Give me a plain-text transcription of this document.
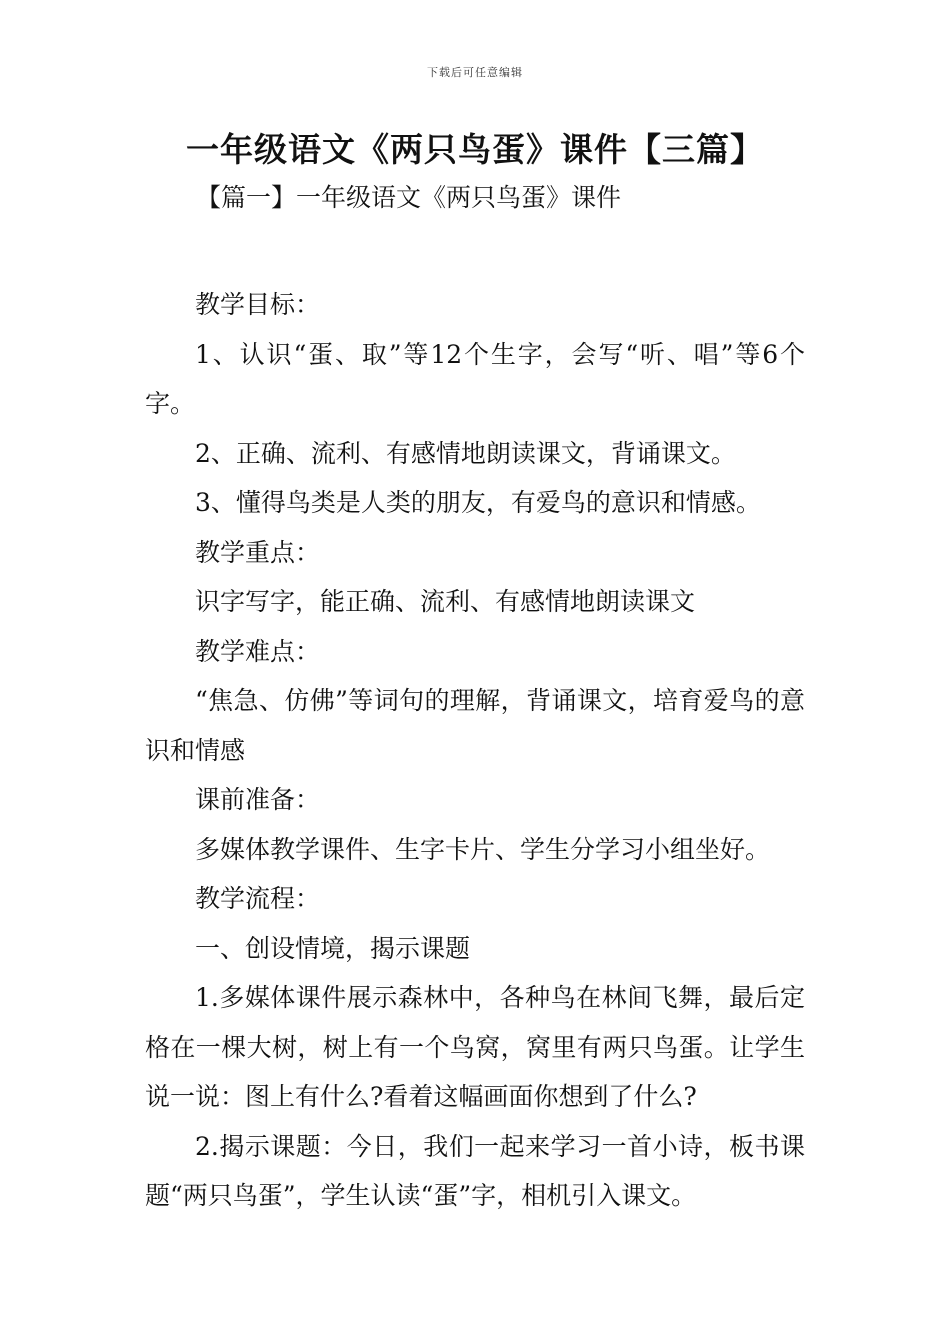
下载后可任意编辑
一年级语文《两只鸟蛋》课件【三篇】
【篇一】一年级语文《两只鸟蛋》课件

教学目标：

1、认识“蛋、取”等12个生字，会写“听、唱”等6个字。

2、正确、流利、有感情地朗读课文，背诵课文。

3、懂得鸟类是人类的朋友，有爱鸟的意识和情感。

教学重点：

识字写字，能正确、流利、有感情地朗读课文

教学难点：

“焦急、仿佛”等词句的理解，背诵课文，培育爱鸟的意识和情感

课前准备：

多媒体教学课件、生字卡片、学生分学习小组坐好。

教学流程：

一、创设情境，揭示课题

1.多媒体课件展示森林中，各种鸟在林间飞舞，最后定格在一棵大树，树上有一个鸟窝，窝里有两只鸟蛋。让学生说一说：图上有什么?看着这幅画面你想到了什么?

2.揭示课题：今日，我们一起来学习一首小诗，板书课题“两只鸟蛋”，学生认读“蛋”字，相机引入课文。
